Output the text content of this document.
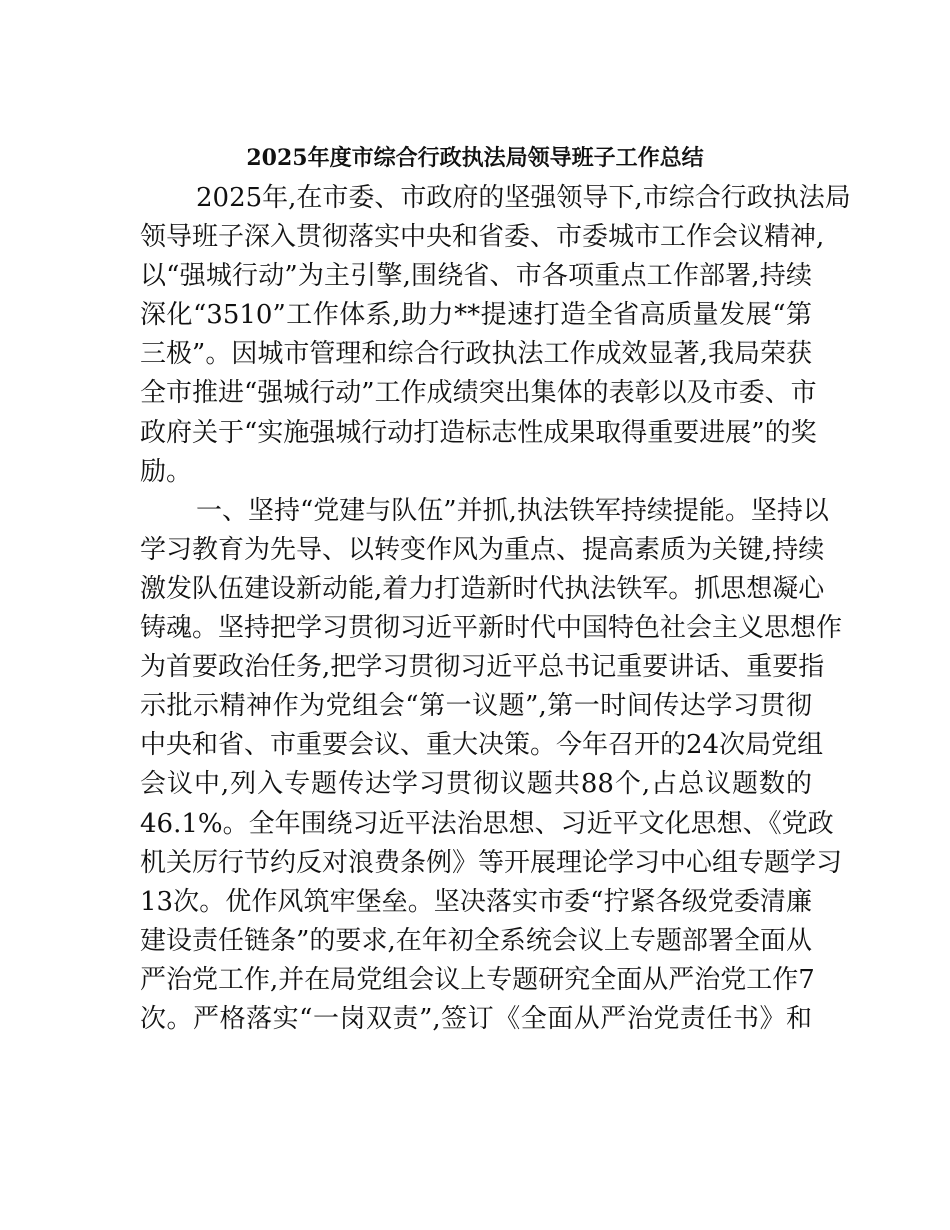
2025年度市综合行政执法局领导班子工作总结
2025年,在市委、市政府的坚强领导下,市综合行政执法局
领导班子深入贯彻落实中央和省委、市委城市工作会议精神,
以“强城行动”为主引擎,围绕省、市各项重点工作部署,持续
深化“3510”工作体系,助力**提速打造全省高质量发展“第
三极”。因城市管理和综合行政执法工作成效显著,我局荣获
全市推进“强城行动”工作成绩突出集体的表彰以及市委、市
政府关于“实施强城行动打造标志性成果取得重要进展”的奖
励。
一、坚持“党建与队伍”并抓,执法铁军持续提能。坚持以
学习教育为先导、以转变作风为重点、提高素质为关键,持续
激发队伍建设新动能,着力打造新时代执法铁军。抓思想凝心
铸魂。坚持把学习贯彻习近平新时代中国特色社会主义思想作
为首要政治任务,把学习贯彻习近平总书记重要讲话、重要指
示批示精神作为党组会“第一议题”,第一时间传达学习贯彻
中央和省、市重要会议、重大决策。今年召开的24次局党组
会议中,列入专题传达学习贯彻议题共88个,占总议题数的
46.1%。全年围绕习近平法治思想、习近平文化思想、《党政
机关厉行节约反对浪费条例》等开展理论学习中心组专题学习
13次。优作风筑牢堡垒。坚决落实市委“拧紧各级党委清廉
建设责任链条”的要求,在年初全系统会议上专题部署全面从
严治党工作,并在局党组会议上专题研究全面从严治党工作7
次。严格落实“一岗双责”,签订《全面从严治党责任书》和
